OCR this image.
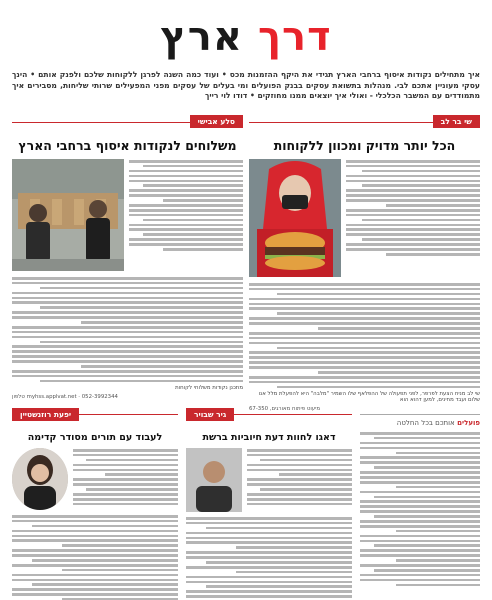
דרך ארץ
איך מתחילים נקודות איסוף ברחבי הארץ תגידי את היקף ההזמנות מכס • ועוד כמה השנה לפרגן ללקוחות שלכם ולפנק אותם • הינך עסקי מעוניין אתכם לבי. מנהלות בתשואת עסקים בבנק הפועלים ומי בעלים של עסקים מפני המפעילים שרותי שליחות, מסבירים איך מתמודדים עם המשבר הכלכלי - ואולי איך יוצאים ממנו מחוזקים • דודו לוי רייך
שי בר לב
הכל יותר מדויק ומכוון ללקוחות
שי לב מניח הצעת לפרפר, לפני תפעולה של ההפלאף שלו השמיר "מלבה" היא להפעלת מלל אנו שלום ועבד מחינים, למען דהוא הוא
מיעוט פיתוח מאורגים, 67-350
סלע אבישי
משלוחים לנקודות איסוף ברחבי הארץ
מתכנן נקודות משלוחי לקוחות
myhss.applvat.net · 052-3992344 טלפון
פועלים אותכם בכל החלטה
גיר שבויר
דאגו לחוות דעת חיוביות ברשת
יפעת רוזנשטיין
לעבוד עם תורים מסודר קדימה
